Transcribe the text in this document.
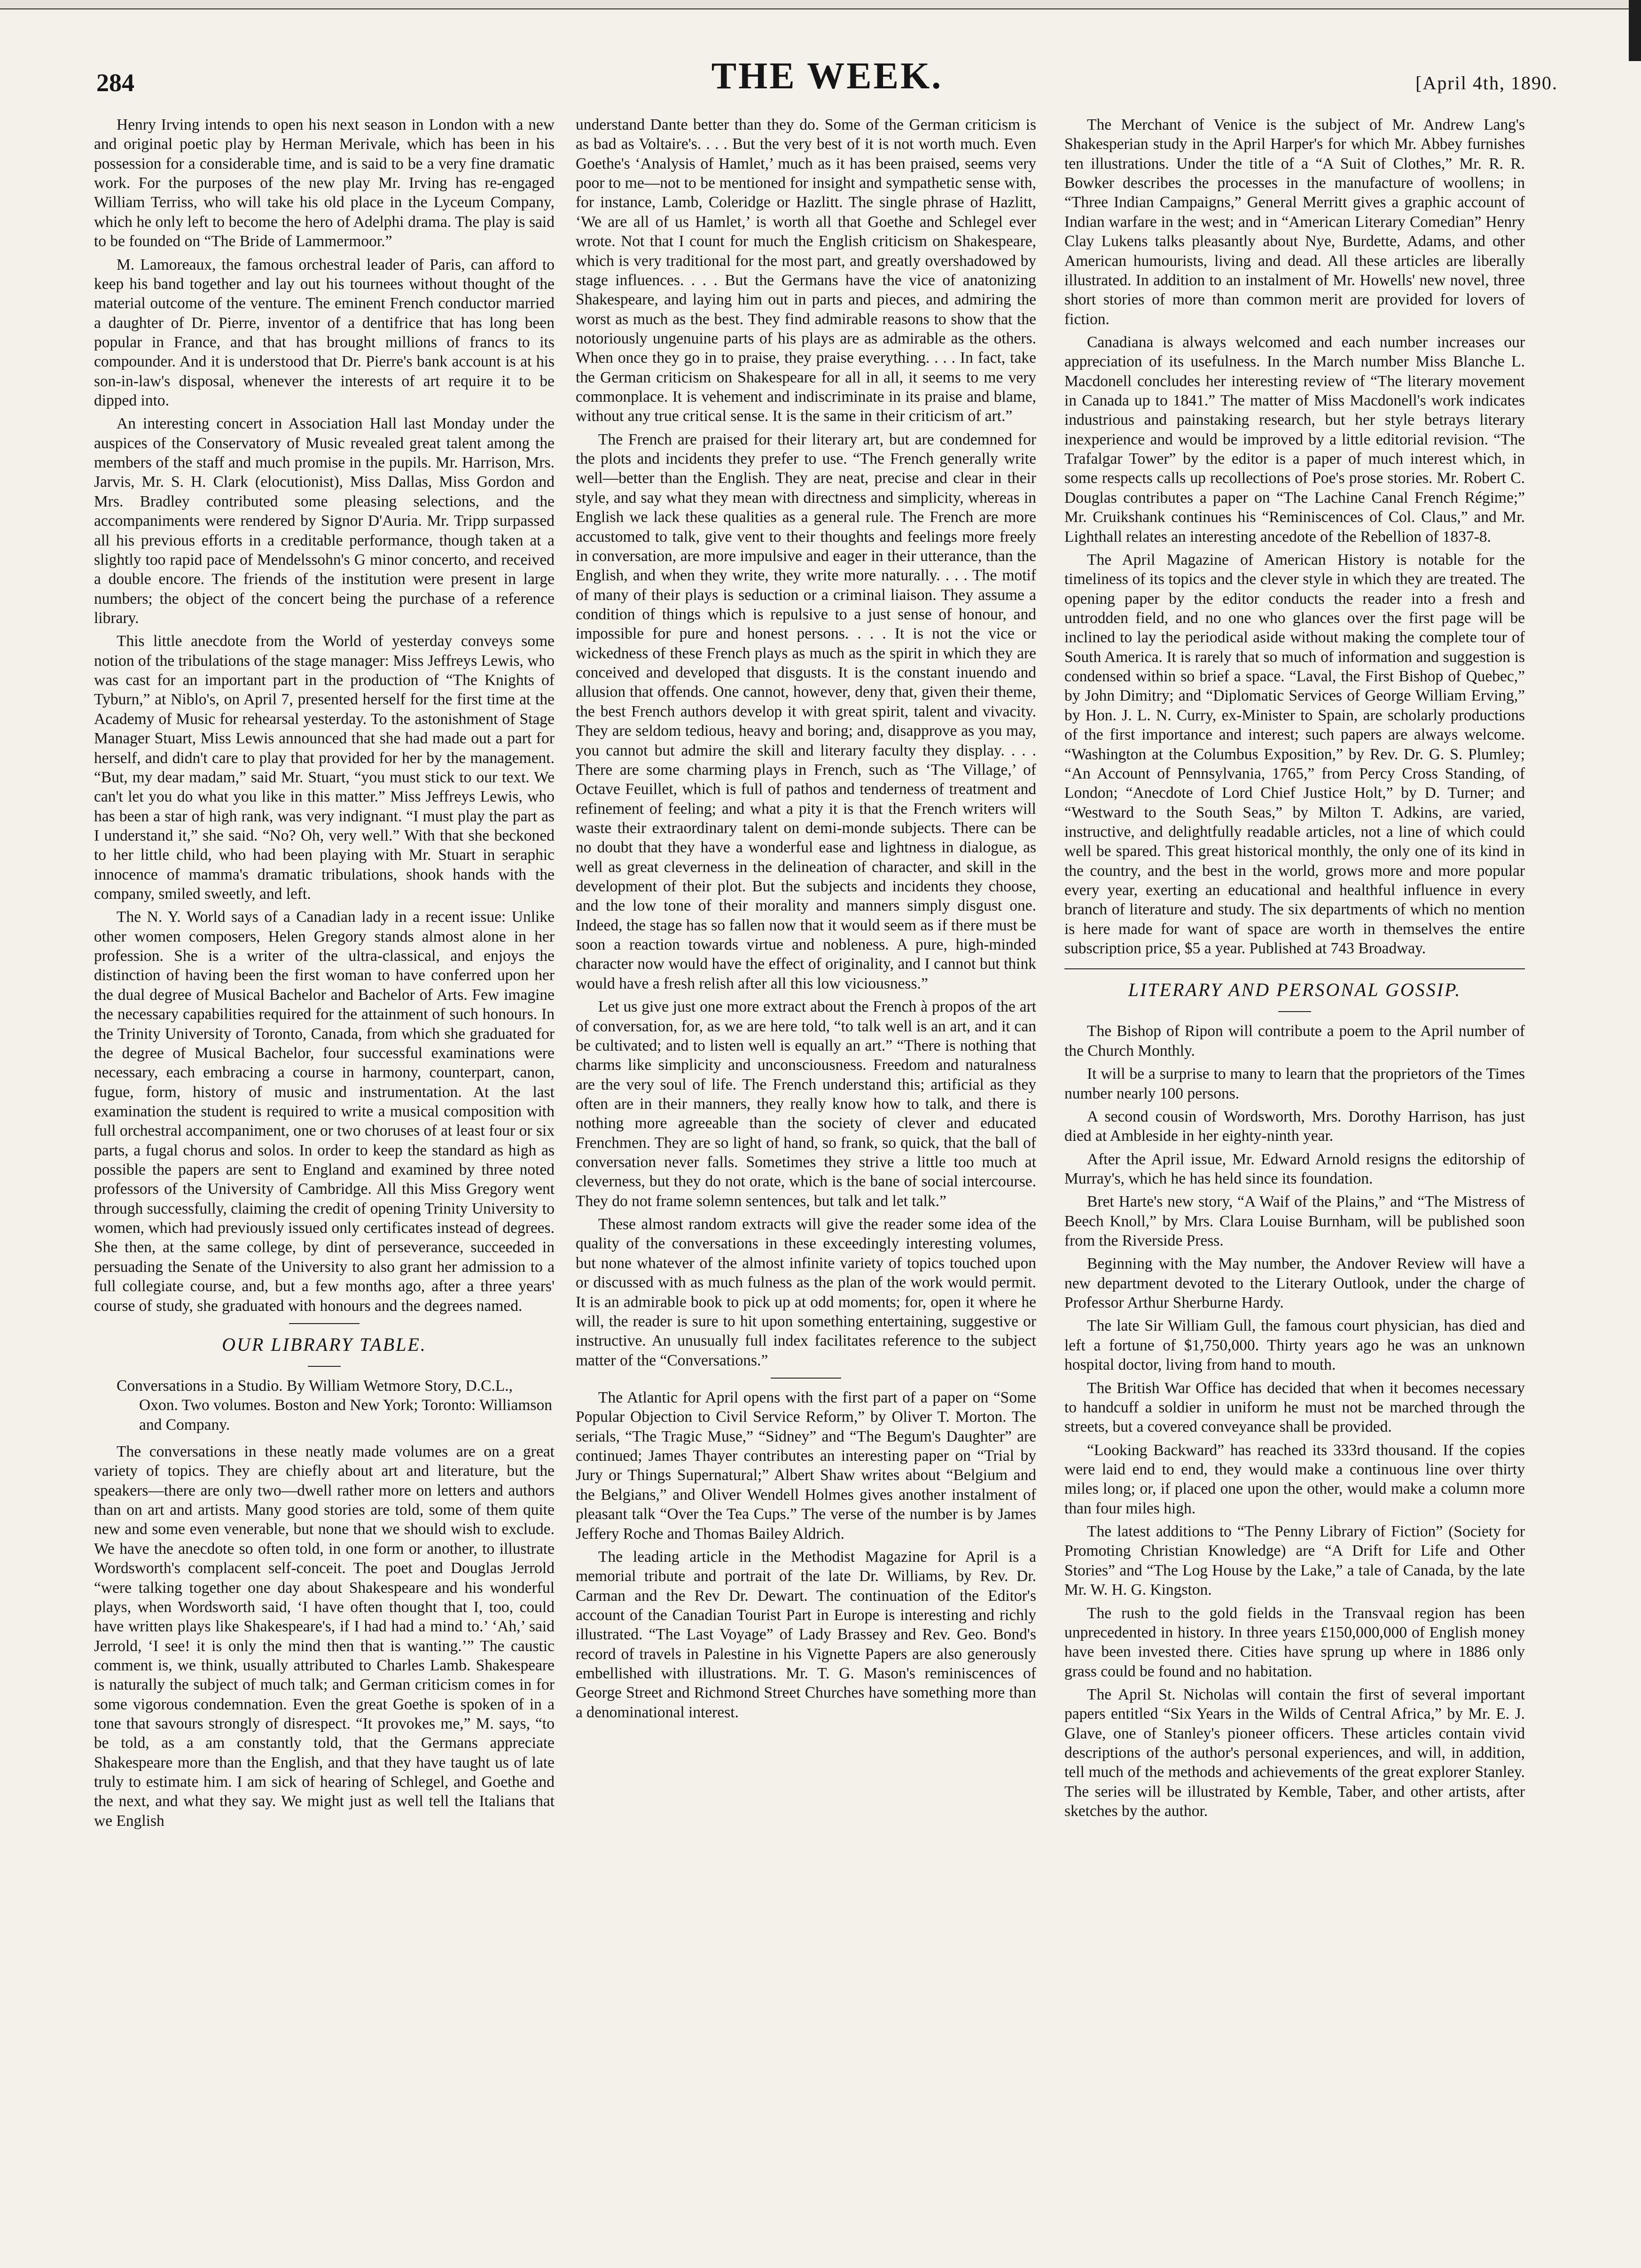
284	THE WEEK.	[April 4th, 1890.

Henry Irving intends to open his next season in London with a new and original poetic play by Herman Merivale, which has been in his possession for a considerable time, and is said to be a very fine dramatic work. For the purposes of the new play Mr. Irving has re-engaged William Terriss, who will take his old place in the Lyceum Company, which he only left to become the hero of Adelphi drama. The play is said to be founded on “The Bride of Lammermoor.”

M. Lamoreaux, the famous orchestral leader of Paris, can afford to keep his band together and lay out his tournees without thought of the material outcome of the venture. The eminent French conductor married a daughter of Dr. Pierre, inventor of a dentifrice that has long been popular in France, and that has brought millions of francs to its compounder. And it is understood that Dr. Pierre's bank account is at his son-in-law's disposal, whenever the interests of art require it to be dipped into.

An interesting concert in Association Hall last Monday under the auspices of the Conservatory of Music revealed great talent among the members of the staff and much promise in the pupils. Mr. Harrison, Mrs. Jarvis, Mr. S. H. Clark (elocutionist), Miss Dallas, Miss Gordon and Mrs. Bradley contributed some pleasing selections, and the accompaniments were rendered by Signor D'Auria. Mr. Tripp surpassed all his previous efforts in a creditable performance, though taken at a slightly too rapid pace of Mendelssohn's G minor concerto, and received a double encore. The friends of the institution were present in large numbers; the object of the concert being the purchase of a reference library.

This little anecdote from the World of yesterday conveys some notion of the tribulations of the stage manager: Miss Jeffreys Lewis, who was cast for an important part in the production of “The Knights of Tyburn,” at Niblo's, on April 7, presented herself for the first time at the Academy of Music for rehearsal yesterday. To the astonishment of Stage Manager Stuart, Miss Lewis announced that she had made out a part for herself, and didn't care to play that provided for her by the management. “But, my dear madam,” said Mr. Stuart, “you must stick to our text. We can't let you do what you like in this matter.” Miss Jeffreys Lewis, who has been a star of high rank, was very indignant. “I must play the part as I understand it,” she said. “No? Oh, very well.” With that she beckoned to her little child, who had been playing with Mr. Stuart in seraphic innocence of mamma's dramatic tribulations, shook hands with the company, smiled sweetly, and left.

The N. Y. World says of a Canadian lady in a recent issue: Unlike other women composers, Helen Gregory stands almost alone in her profession. She is a writer of the ultra-classical, and enjoys the distinction of having been the first woman to have conferred upon her the dual degree of Musical Bachelor and Bachelor of Arts. Few imagine the necessary capabilities required for the attainment of such honours. In the Trinity University of Toronto, Canada, from which she graduated for the degree of Musical Bachelor, four successful examinations were necessary, each embracing a course in harmony, counterpart, canon, fugue, form, history of music and instrumentation. At the last examination the student is required to write a musical composition with full orchestral accompaniment, one or two choruses of at least four or six parts, a fugal chorus and solos. In order to keep the standard as high as possible the papers are sent to England and examined by three noted professors of the University of Cambridge. All this Miss Gregory went through successfully, claiming the credit of opening Trinity University to women, which had previously issued only certificates instead of degrees. She then, at the same college, by dint of perseverance, succeeded in persuading the Senate of the University to also grant her admission to a full collegiate course, and, but a few months ago, after a three years' course of study, she graduated with honours and the degrees named.

OUR LIBRARY TABLE.
Conversations in a Studio. By William Wetmore Story, D.C.L., Oxon. Two volumes. Boston and New York; Toronto: Williamson and Company.

The conversations in these neatly made volumes are on a great variety of topics. They are chiefly about art and literature, but the speakers—there are only two—dwell rather more on letters and authors than on art and artists. Many good stories are told, some of them quite new and some even venerable, but none that we should wish to exclude. We have the anecdote so often told, in one form or another, to illustrate Wordsworth's complacent self-conceit. The poet and Douglas Jerrold “were talking together one day about Shakespeare and his wonderful plays, when Wordsworth said, ‘I have often thought that I, too, could have written plays like Shakespeare's, if I had had a mind to.’ ‘Ah,’ said Jerrold, ‘I see! it is only the mind then that is wanting.’” The caustic comment is, we think, usually attributed to Charles Lamb. Shakespeare is naturally the subject of much talk; and German criticism comes in for some vigorous condemnation. Even the great Goethe is spoken of in a tone that savours strongly of disrespect. “It provokes me,” M. says, “to be told, as a am constantly told, that the Germans appreciate Shakespeare more than the English, and that they have taught us of late truly to estimate him. I am sick of hearing of Schlegel, and Goethe and the next, and what they say. We might just as well tell the Italians that we English

understand Dante better than they do. Some of the German criticism is as bad as Voltaire's. . . . But the very best of it is not worth much. Even Goethe's ‘Analysis of Hamlet,’ much as it has been praised, seems very poor to me—not to be mentioned for insight and sympathetic sense with, for instance, Lamb, Coleridge or Hazlitt. The single phrase of Hazlitt, ‘We are all of us Hamlet,’ is worth all that Goethe and Schlegel ever wrote. Not that I count for much the English criticism on Shakespeare, which is very traditional for the most part, and greatly overshadowed by stage influences. . . . But the Germans have the vice of anatonizing Shakespeare, and laying him out in parts and pieces, and admiring the worst as much as the best. They find admirable reasons to show that the notoriously ungenuine parts of his plays are as admirable as the others. When once they go in to praise, they praise everything. . . . In fact, take the German criticism on Shakespeare for all in all, it seems to me very commonplace. It is vehement and indiscriminate in its praise and blame, without any true critical sense. It is the same in their criticism of art.”

The French are praised for their literary art, but are condemned for the plots and incidents they prefer to use. “The French generally write well—better than the English. They are neat, precise and clear in their style, and say what they mean with directness and simplicity, whereas in English we lack these qualities as a general rule. The French are more accustomed to talk, give vent to their thoughts and feelings more freely in conversation, are more impulsive and eager in their utterance, than the English, and when they write, they write more naturally. . . . The motif of many of their plays is seduction or a criminal liaison. They assume a condition of things which is repulsive to a just sense of honour, and impossible for pure and honest persons. . . . It is not the vice or wickedness of these French plays as much as the spirit in which they are conceived and developed that disgusts. It is the constant inuendo and allusion that offends. One cannot, however, deny that, given their theme, the best French authors develop it with great spirit, talent and vivacity. They are seldom tedious, heavy and boring; and, disapprove as you may, you cannot but admire the skill and literary faculty they display. . . . There are some charming plays in French, such as ‘The Village,’ of Octave Feuillet, which is full of pathos and tenderness of treatment and refinement of feeling; and what a pity it is that the French writers will waste their extraordinary talent on demi-monde subjects. There can be no doubt that they have a wonderful ease and lightness in dialogue, as well as great cleverness in the delineation of character, and skill in the development of their plot. But the subjects and incidents they choose, and the low tone of their morality and manners simply disgust one. Indeed, the stage has so fallen now that it would seem as if there must be soon a reaction towards virtue and nobleness. A pure, high-minded character now would have the effect of originality, and I cannot but think would have a fresh relish after all this low viciousness.”

Let us give just one more extract about the French à propos of the art of conversation, for, as we are here told, “to talk well is an art, and it can be cultivated; and to listen well is equally an art.” “There is nothing that charms like simplicity and unconsciousness. Freedom and naturalness are the very soul of life. The French understand this; artificial as they often are in their manners, they really know how to talk, and there is nothing more agreeable than the society of clever and educated Frenchmen. They are so light of hand, so frank, so quick, that the ball of conversation never falls. Sometimes they strive a little too much at cleverness, but they do not orate, which is the bane of social intercourse. They do not frame solemn sentences, but talk and let talk.”

These almost random extracts will give the reader some idea of the quality of the conversations in these exceedingly interesting volumes, but none whatever of the almost infinite variety of topics touched upon or discussed with as much fulness as the plan of the work would permit. It is an admirable book to pick up at odd moments; for, open it where he will, the reader is sure to hit upon something entertaining, suggestive or instructive. An unusually full index facilitates reference to the subject matter of the “Conversations.”

The Atlantic for April opens with the first part of a paper on “Some Popular Objection to Civil Service Reform,” by Oliver T. Morton. The serials, “The Tragic Muse,” “Sidney” and “The Begum's Daughter” are continued; James Thayer contributes an interesting paper on “Trial by Jury or Things Supernatural;” Albert Shaw writes about “Belgium and the Belgians,” and Oliver Wendell Holmes gives another instalment of pleasant talk “Over the Tea Cups.” The verse of the number is by James Jeffery Roche and Thomas Bailey Aldrich.

The leading article in the Methodist Magazine for April is a memorial tribute and portrait of the late Dr. Williams, by Rev. Dr. Carman and the Rev Dr. Dewart. The continuation of the Editor's account of the Canadian Tourist Part in Europe is interesting and richly illustrated. “The Last Voyage” of Lady Brassey and Rev. Geo. Bond's record of travels in Palestine in his Vignette Papers are also generously embellished with illustrations. Mr. T. G. Mason's reminiscences of George Street and Richmond Street Churches have something more than a denominational interest.

The Merchant of Venice is the subject of Mr. Andrew Lang's Shakesperian study in the April Harper's for which Mr. Abbey furnishes ten illustrations. Under the title of a “A Suit of Clothes,” Mr. R. R. Bowker describes the processes in the manufacture of woollens; in “Three Indian Campaigns,” General Merritt gives a graphic account of Indian warfare in the west; and in “American Literary Comedian” Henry Clay Lukens talks pleasantly about Nye, Burdette, Adams, and other American humourists, living and dead. All these articles are liberally illustrated. In addition to an instalment of Mr. Howells' new novel, three short stories of more than common merit are provided for lovers of fiction.

Canadiana is always welcomed and each number increases our appreciation of its usefulness. In the March number Miss Blanche L. Macdonell concludes her interesting review of “The literary movement in Canada up to 1841.” The matter of Miss Macdonell's work indicates industrious and painstaking research, but her style betrays literary inexperience and would be improved by a little editorial revision. “The Trafalgar Tower” by the editor is a paper of much interest which, in some respects calls up recollections of Poe's prose stories. Mr. Robert C. Douglas contributes a paper on “The Lachine Canal French Régime;” Mr. Cruikshank continues his “Reminiscences of Col. Claus,” and Mr. Lighthall relates an interesting ancedote of the Rebellion of 1837-8.

The April Magazine of American History is notable for the timeliness of its topics and the clever style in which they are treated. The opening paper by the editor conducts the reader into a fresh and untrodden field, and no one who glances over the first page will be inclined to lay the periodical aside without making the complete tour of South America. It is rarely that so much of information and suggestion is condensed within so brief a space. “Laval, the First Bishop of Quebec,” by John Dimitry; and “Diplomatic Services of George William Erving,” by Hon. J. L. N. Curry, ex-Minister to Spain, are scholarly productions of the first importance and interest; such papers are always welcome. “Washington at the Columbus Exposition,” by Rev. Dr. G. S. Plumley; “An Account of Pennsylvania, 1765,” from Percy Cross Standing, of London; “Anecdote of Lord Chief Justice Holt,” by D. Turner; and “Westward to the South Seas,” by Milton T. Adkins, are varied, instructive, and delightfully readable articles, not a line of which could well be spared. This great historical monthly, the only one of its kind in the country, and the best in the world, grows more and more popular every year, exerting an educational and healthful influence in every branch of literature and study. The six departments of which no mention is here made for want of space are worth in themselves the entire subscription price, $5 a year. Published at 743 Broadway.

LITERARY AND PERSONAL GOSSIP.

The Bishop of Ripon will contribute a poem to the April number of the Church Monthly.

It will be a surprise to many to learn that the proprietors of the Times number nearly 100 persons.

A second cousin of Wordsworth, Mrs. Dorothy Harrison, has just died at Ambleside in her eighty-ninth year.

After the April issue, Mr. Edward Arnold resigns the editorship of Murray's, which he has held since its foundation.

Bret Harte's new story, “A Waif of the Plains,” and “The Mistress of Beech Knoll,” by Mrs. Clara Louise Burnham, will be published soon from the Riverside Press.

Beginning with the May number, the Andover Review will have a new department devoted to the Literary Outlook, under the charge of Professor Arthur Sherburne Hardy.

The late Sir William Gull, the famous court physician, has died and left a fortune of $1,750,000. Thirty years ago he was an unknown hospital doctor, living from hand to mouth.

The British War Office has decided that when it becomes necessary to handcuff a soldier in uniform he must not be marched through the streets, but a covered conveyance shall be provided.

“Looking Backward” has reached its 333rd thousand. If the copies were laid end to end, they would make a continuous line over thirty miles long; or, if placed one upon the other, would make a column more than four miles high.

The latest additions to “The Penny Library of Fiction” (Society for Promoting Christian Knowledge) are “A Drift for Life and Other Stories” and “The Log House by the Lake,” a tale of Canada, by the late Mr. W. H. G. Kingston.

The rush to the gold fields in the Transvaal region has been unprecedented in history. In three years £150,000,000 of English money have been invested there. Cities have sprung up where in 1886 only grass could be found and no habitation.

The April St. Nicholas will contain the first of several important papers entitled “Six Years in the Wilds of Central Africa,” by Mr. E. J. Glave, one of Stanley's pioneer officers. These articles contain vivid descriptions of the author's personal experiences, and will, in addition, tell much of the methods and achievements of the great explorer Stanley. The series will be illustrated by Kemble, Taber, and other artists, after sketches by the author.
